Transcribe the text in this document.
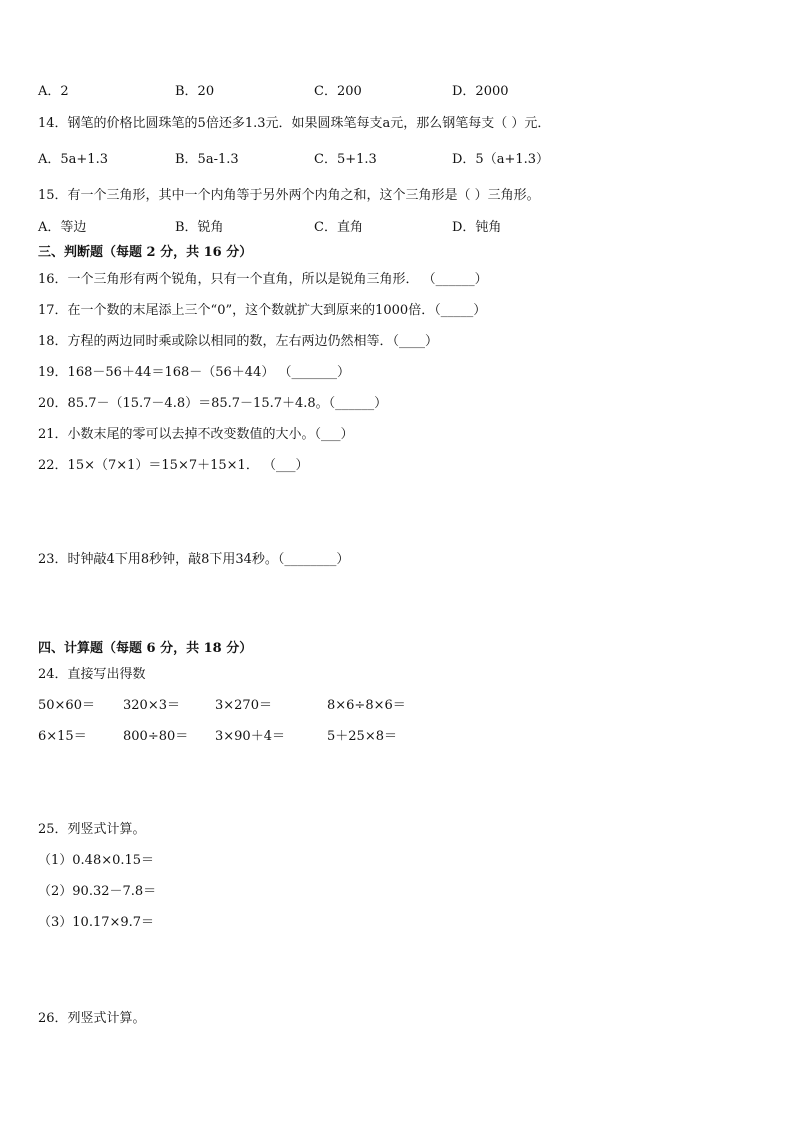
A．2	B．20	C．200	D．2000
14．钢笔的价格比圆珠笔的5倍还多1.3元．如果圆珠笔每支a元，那么钢笔每支（ ）元．
A．5a+1.3	B．5a-1.3	C．5+1.3	D．5（a+1.3）
15．有一个三角形，其中一个内角等于另外两个内角之和，这个三角形是（ ）三角形。
A．等边	B．锐角	C．直角	D．钝角
三、判断题（每题 2 分，共 16 分）
16．一个三角形有两个锐角，只有一个直角，所以是锐角三角形． （______）
17．在一个数的末尾添上三个“0”，这个数就扩大到原来的1000倍．（_____）
18．方程的两边同时乘或除以相同的数，左右两边仍然相等．（____）
19．168－56＋44＝168－（56＋44） （_______）
20．85.7－（15.7－4.8）＝85.7－15.7＋4.8。（______）
21．小数末尾的零可以去掉不改变数值的大小。（___）
22．15×（7×1）＝15×7＋15×1． （___）
23．时钟敲4下用8秒钟，敲8下用34秒。（________）
四、计算题（每题 6 分，共 18 分）
24．直接写出得数
50×60＝ 320×3＝	3×270＝	8×6÷8×6＝
6×15＝	800÷80＝ 3×90＋4＝	5＋25×8＝
25．列竖式计算。
（1）0.48×0.15＝
（2）90.32－7.8＝
（3）10.17×9.7＝
26．列竖式计算。
